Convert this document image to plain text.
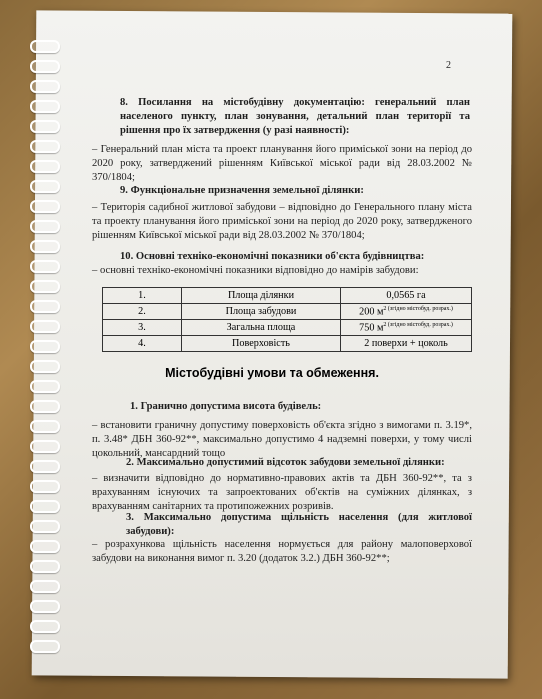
2
8. Посилання на містобудівну документацію: генеральний план населеного пункту, план зонування, детальний план території та рішення про їх затвердження (у разі наявності):
– Генеральний план міста та проект планування його приміської зони на період до 2020 року, затверджений рішенням Київської міської ради від 28.03.2002 № 370/1804;
9. Функціональне призначення земельної ділянки:
– Територія садибної житлової забудови – відповідно до Генерального плану міста та проекту планування його приміської зони на період до 2020 року, затвердженого рішенням Київської міської ради від 28.03.2002 № 370/1804;
10. Основні техніко-економічні показники об'єкта будівництва:
– основні техніко-економічні показники відповідно до намірів забудови:
1.	Площа ділянки	0,0565 га
2.	Площа забудови	200 $м^{2 (згідно містобуд. розрах.)}$
3.	Загальна площа	750 $м^{2 (згідно містобуд. розрах.)}$
4.	Поверховість	2 поверхи + цоколь
Містобудівні умови та обмеження.
1. Гранично допустима висота будівель:
– встановити граничну допустиму поверховість об'єкта згідно з вимогами п. 3.19*, п. 3.48* ДБН 360-92**, максимально допустимо 4 надземні поверхи, у тому числі цокольний, мансардний тощо
2. Максимально допустимий відсоток забудови земельної ділянки:
– визначити відповідно до нормативно-правових актів та ДБН 360-92**, та з врахуванням існуючих та запроектованих об'єктів на суміжних ділянках, з врахуванням санітарних та протипожежних розривів.
3. Максимально допустима щільність населення (для житлової забудови):
– розрахункова щільність населення нормується для району малоповерхової забудови на виконання вимог п. 3.20 (додаток 3.2.) ДБН 360-92**;
